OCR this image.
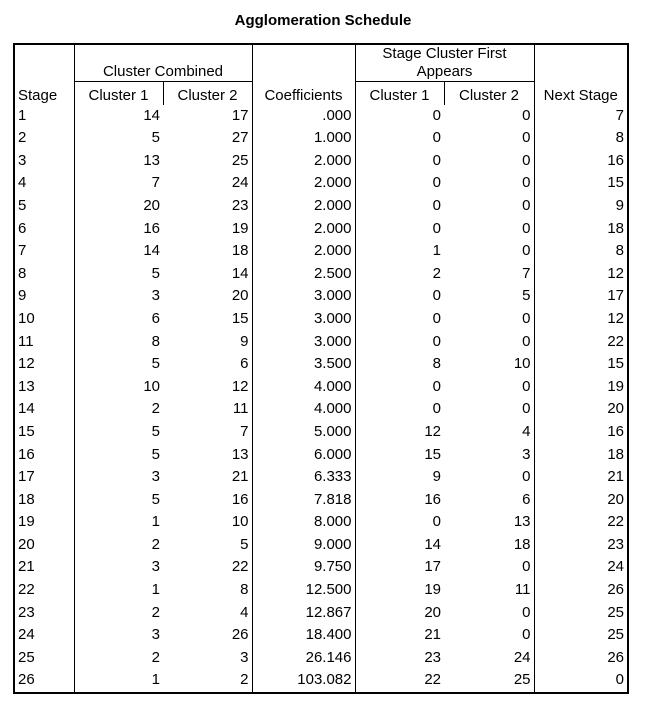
Agglomeration Schedule
Stage	Cluster Combined		Coefficients	Stage Cluster First Appears		Next Stage
	Cluster 1	Cluster 2		Cluster 1	Cluster 2	
1	14	17	.000	0	0	7
2	5	27	1.000	0	0	8
3	13	25	2.000	0	0	16
4	7	24	2.000	0	0	15
5	20	23	2.000	0	0	9
6	16	19	2.000	0	0	18
7	14	18	2.000	1	0	8
8	5	14	2.500	2	7	12
9	3	20	3.000	0	5	17
10	6	15	3.000	0	0	12
11	8	9	3.000	0	0	22
12	5	6	3.500	8	10	15
13	10	12	4.000	0	0	19
14	2	11	4.000	0	0	20
15	5	7	5.000	12	4	16
16	5	13	6.000	15	3	18
17	3	21	6.333	9	0	21
18	5	16	7.818	16	6	20
19	1	10	8.000	0	13	22
20	2	5	9.000	14	18	23
21	3	22	9.750	17	0	24
22	1	8	12.500	19	11	26
23	2	4	12.867	20	0	25
24	3	26	18.400	21	0	25
25	2	3	26.146	23	24	26
26	1	2	103.082	22	25	0
